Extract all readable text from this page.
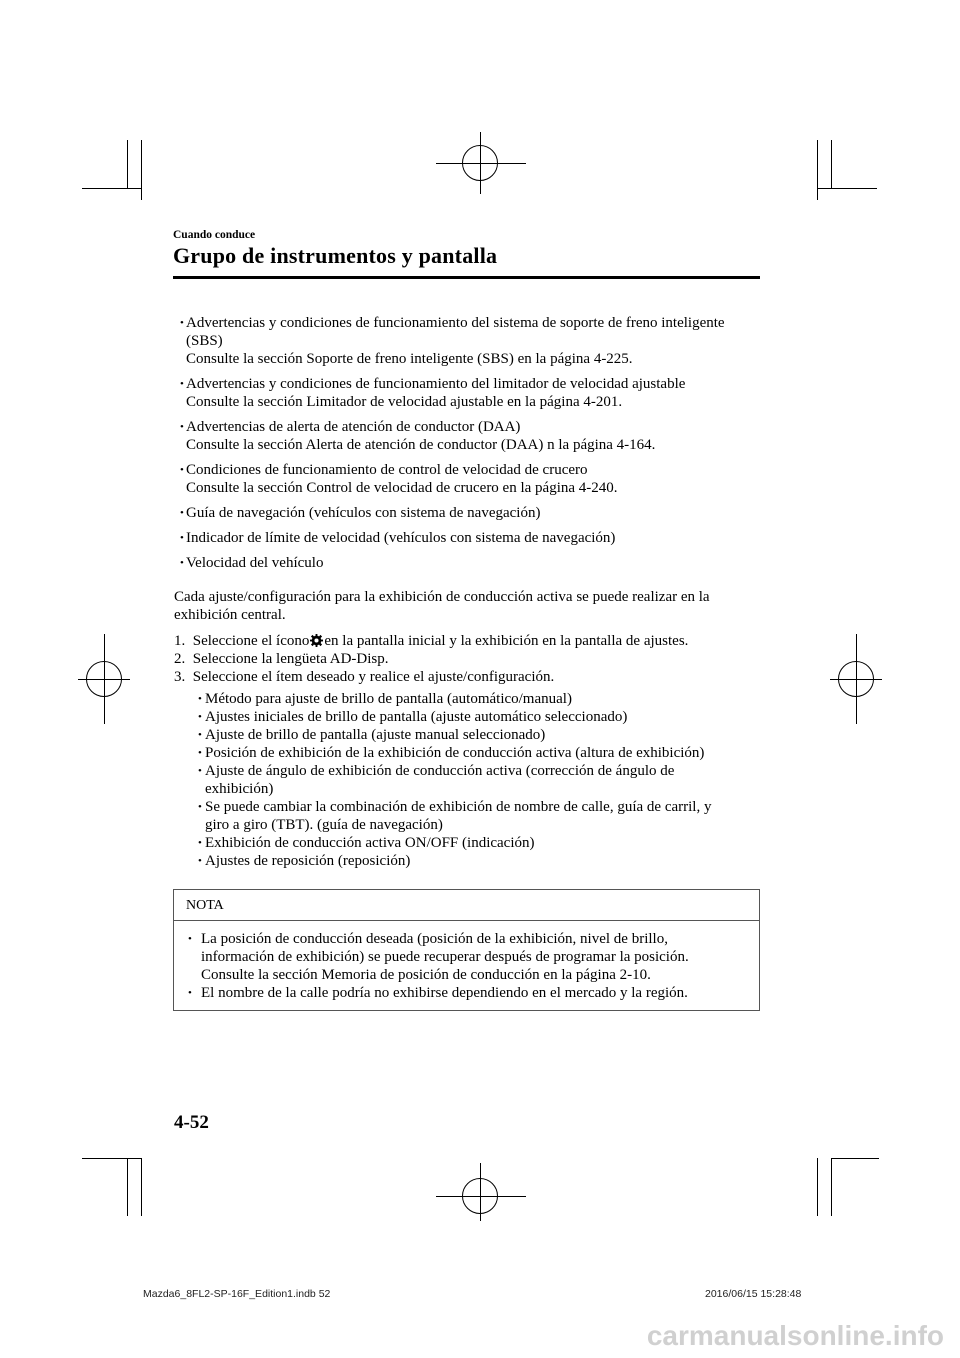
Cuando conduce
Grupo de instrumentos y pantalla
• Advertencias y condiciones de funcionamiento del sistema de soporte de freno inteligente
(SBS)
Consulte la sección Soporte de freno inteligente (SBS) en la página 4-225.
• Advertencias y condiciones de funcionamiento del limitador de velocidad ajustable
Consulte la sección Limitador de velocidad ajustable en la página 4-201.
• Advertencias de alerta de atención de conductor (DAA)
Consulte la sección Alerta de atención de conductor (DAA) n la página 4-164.
• Condiciones de funcionamiento de control de velocidad de crucero
Consulte la sección Control de velocidad de crucero en la página 4-240.
• Guía de navegación (vehículos con sistema de navegación)
• Indicador de límite de velocidad (vehículos con sistema de navegación)
• Velocidad del vehículo
Cada ajuste/configuración para la exhibición de conducción activa se puede realizar en la
exhibición central.
1. Seleccione el ícono en la pantalla inicial y la exhibición en la pantalla de ajustes.
2. Seleccione la lengüeta AD-Disp.
3. Seleccione el ítem deseado y realice el ajuste/configuración.
• Método para ajuste de brillo de pantalla (automático/manual)
• Ajustes iniciales de brillo de pantalla (ajuste automático seleccionado)
• Ajuste de brillo de pantalla (ajuste manual seleccionado)
• Posición de exhibición de la exhibición de conducción activa (altura de exhibición)
• Ajuste de ángulo de exhibición de conducción activa (corrección de ángulo de
exhibición)
• Se puede cambiar la combinación de exhibición de nombre de calle, guía de carril, y
giro a giro (TBT). (guía de navegación)
• Exhibición de conducción activa ON/OFF (indicación)
• Ajustes de reposición (reposición)
NOTA
• La posición de conducción deseada (posición de la exhibición, nivel de brillo,
información de exhibición) se puede recuperar después de programar la posición.
Consulte la sección Memoria de posición de conducción en la página 2-10.
• El nombre de la calle podría no exhibirse dependiendo en el mercado y la región.
4-52
Mazda6_8FL2-SP-16F_Edition1.indb 52	2016/06/15 15:28:48
carmanualsonline.info
